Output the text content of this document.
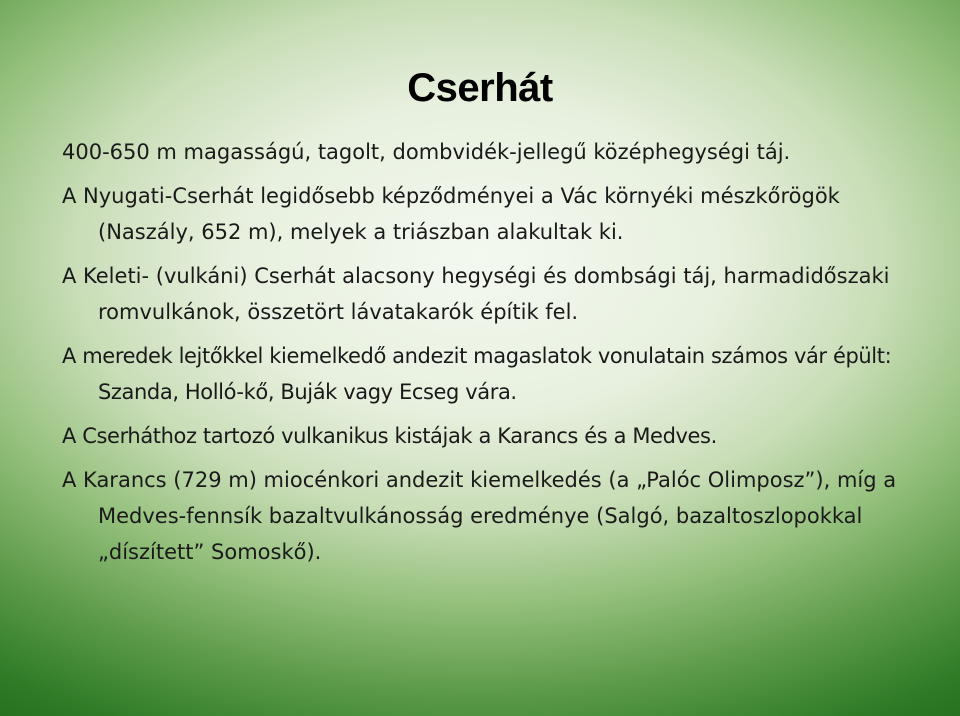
Cserhát

400-650 m magasságú, tagolt, dombvidék-jellegű középhegységi táj.

A Nyugati-Cserhát legidősebb képződményei a Vác környéki mészkőrögök (Naszály, 652 m), melyek a triászban alakultak ki.

A Keleti- (vulkáni) Cserhát alacsony hegységi és dombsági táj, harmadidőszaki romvulkánok, összetört lávatakarók építik fel.

A meredek lejtőkkel kiemelkedő andezit magaslatok vonulatain számos vár épült: Szanda, Holló-kő, Buják vagy Ecseg vára.

A Cserháthoz tartozó vulkanikus kistájak a Karancs és a Medves.

A Karancs (729 m) miocénkori andezit kiemelkedés (a „Palóc Olimposz”), míg a Medves-fennsík bazaltvulkánosság eredménye (Salgó, bazaltoszlopokkal „díszített” Somoskő).
